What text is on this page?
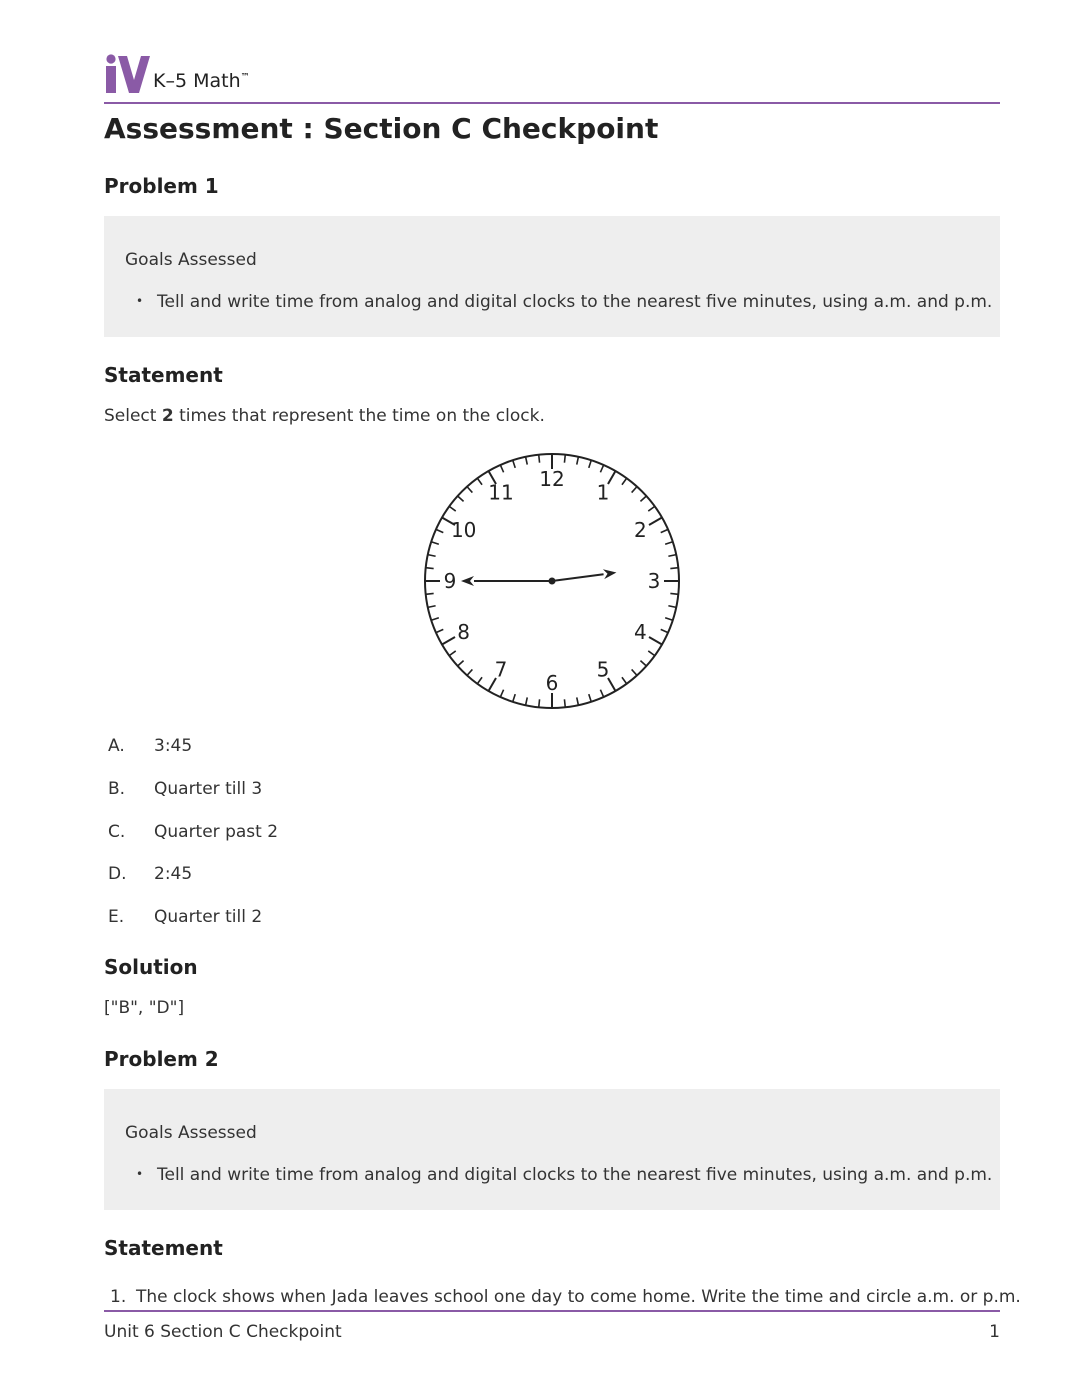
K–5 Math™
Assessment : Section C Checkpoint
Problem 1
Goals Assessed
• Tell and write time from analog and digital clocks to the nearest five minutes, using a.m. and p.m.
Statement

Select 2 times that represent the time on the clock.

12
1
2
3
4
5
6
7
8
9
10
11
A. 3:45
B. Quarter till 3
C. Quarter past 2
D. 2:45
E. Quarter till 2
Solution

["B", "D"]

Problem 2
Goals Assessed
• Tell and write time from analog and digital clocks to the nearest five minutes, using a.m. and p.m.
Statement

1. The clock shows when Jada leaves school one day to come home. Write the time and circle a.m. or p.m.

Unit 6 Section C Checkpoint	1
